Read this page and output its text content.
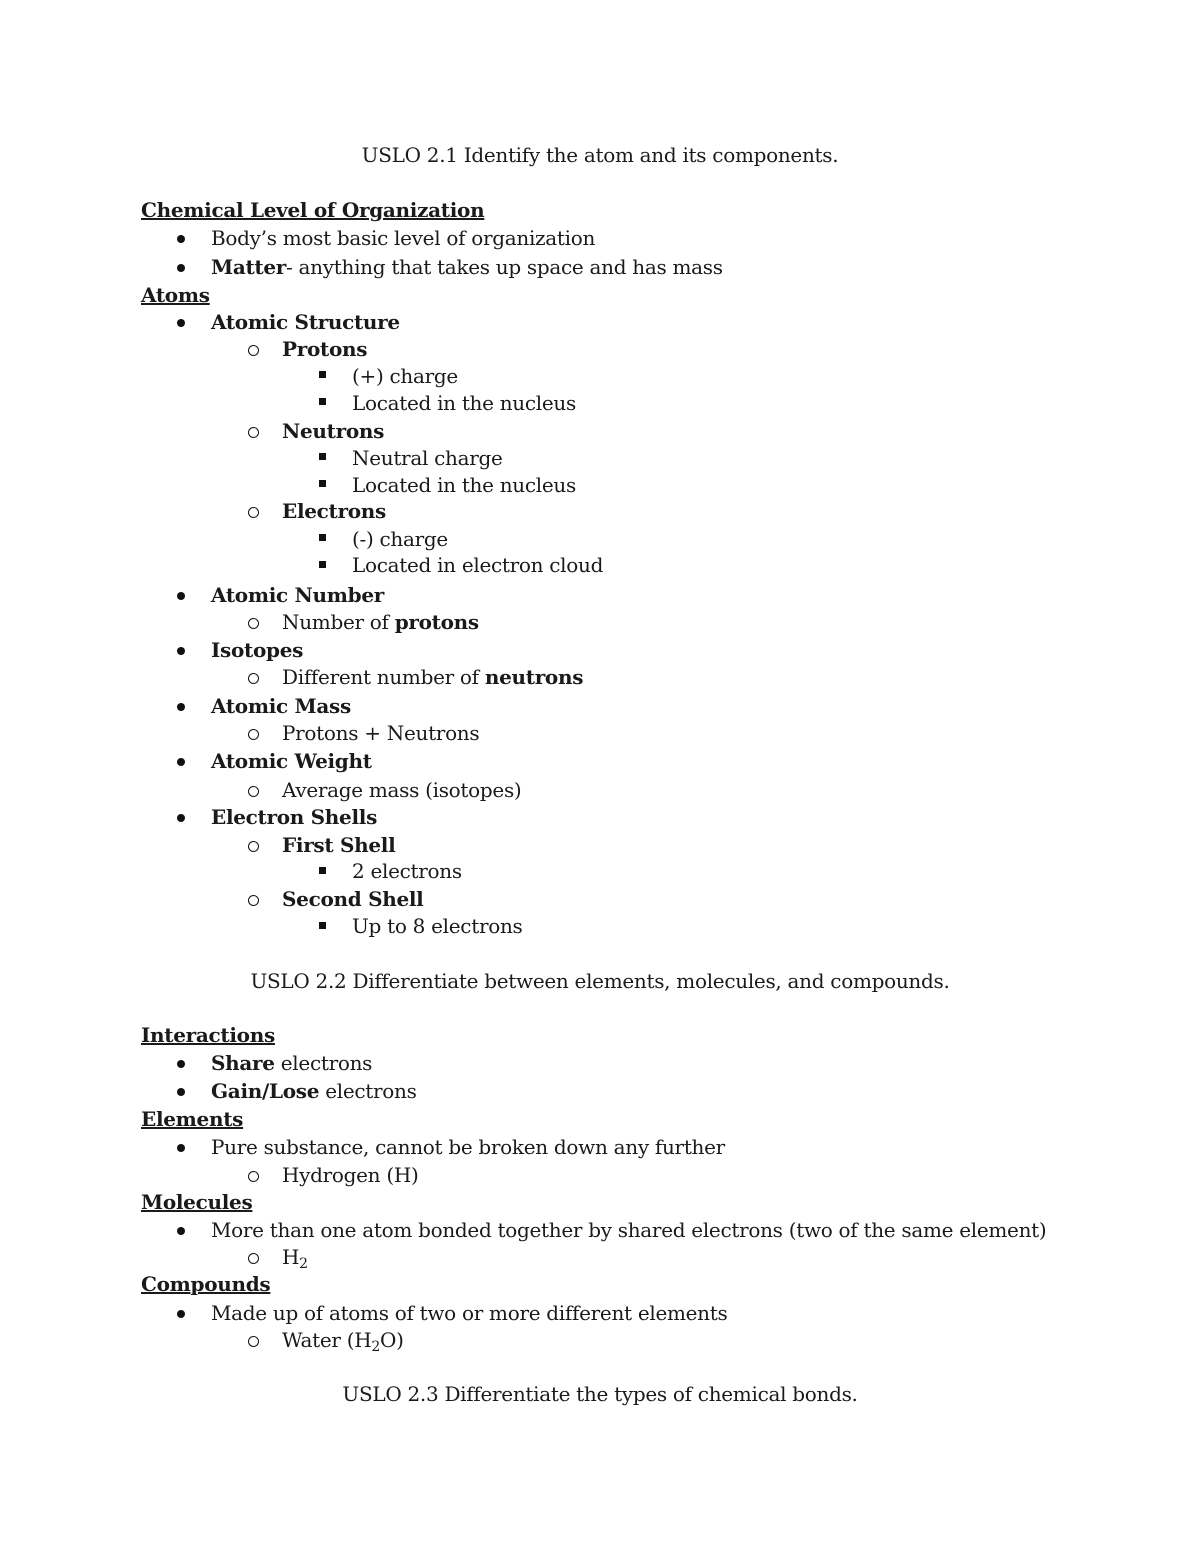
USLO 2.1 Identify the atom and its components.
Chemical Level of Organization
Body’s most basic level of organization
Matter- anything that takes up space and has mass
Atoms
Atomic Structure
Protons
(+) charge
Located in the nucleus
Neutrons
Neutral charge
Located in the nucleus
Electrons
(-) charge
Located in electron cloud
Atomic Number
Number of protons
Isotopes
Different number of neutrons
Atomic Mass
Protons + Neutrons
Atomic Weight
Average mass (isotopes)
Electron Shells
First Shell
2 electrons
Second Shell
Up to 8 electrons
USLO 2.2 Differentiate between elements, molecules, and compounds.
Interactions
Share electrons
Gain/Lose electrons
Elements
Pure substance, cannot be broken down any further
Hydrogen (H)
Molecules
More than one atom bonded together by shared electrons (two of the same element)
$H_2$
Compounds
Made up of atoms of two or more different elements
Water $(H_2O)$
USLO 2.3 Differentiate the types of chemical bonds.
